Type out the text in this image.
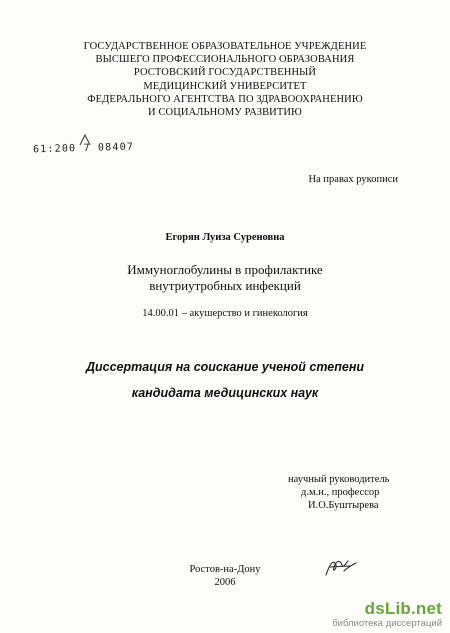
ГОСУДАРСТВЕННОЕ ОБРАЗОВАТЕЛЬНОЕ УЧРЕЖДЕНИЕ
ВЫСШЕГО ПРОФЕССИОНАЛЬНОГО ОБРАЗОВАНИЯ
РОСТОВСКИЙ ГОСУДАРСТВЕННЫЙ
МЕДИЦИНСКИЙ УНИВЕРСИТЕТ
ФЕДЕРАЛЬНОГО АГЕНТСТВА ПО ЗДРАВООХРАНЕНИЮ
И СОЦИАЛЬНОМУ РАЗВИТИЮ
61:200 7 08407
На правах рукописи
Егорян Луиза Суреновна
Иммуноглобулины в профилактике
внутриутробных инфекций
14.00.01 – акушерство и гинекология
Диссертация на соискание ученой степени
кандидата медицинских наук
научный руководитель
д.м.н., профессор
И.О.Буштырева
Ростов-на-Дону
2006
dsLib.net
библиотека диссертаций
